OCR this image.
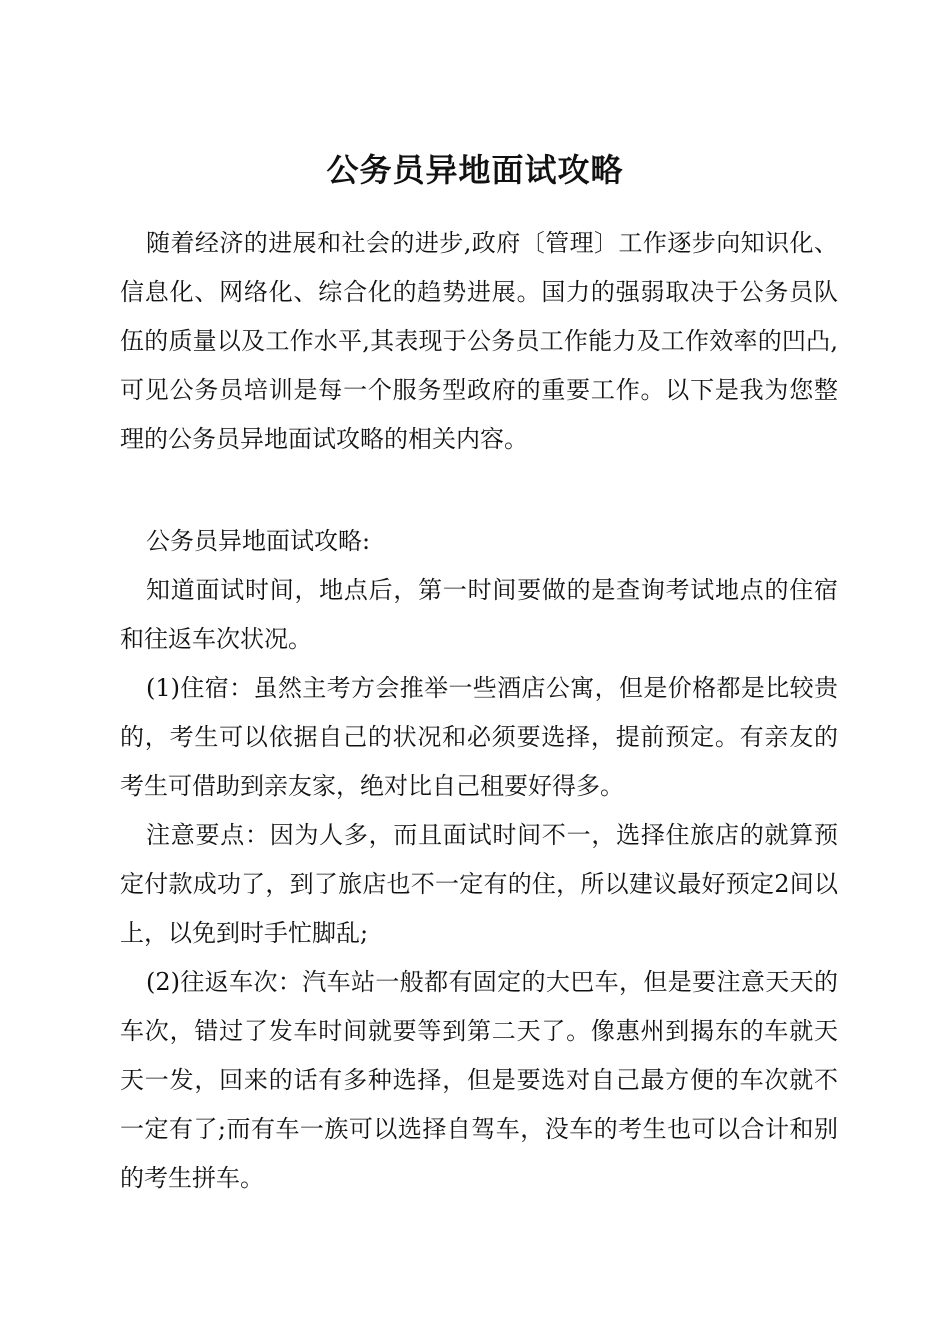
公务员异地面试攻略

随着经济的进展和社会的进步,政府〔管理〕工作逐步向知识化、信息化、网络化、综合化的趋势进展。国力的强弱取决于公务员队伍的质量以及工作水平,其表现于公务员工作能力及工作效率的凹凸,可见公务员培训是每一个服务型政府的重要工作。以下是我为您整理的公务员异地面试攻略的相关内容。

公务员异地面试攻略:

知道面试时间，地点后，第一时间要做的是查询考试地点的住宿和往返车次状况。

(1)住宿：虽然主考方会推举一些酒店公寓，但是价格都是比较贵的，考生可以依据自己的状况和必须要选择，提前预定。有亲友的考生可借助到亲友家，绝对比自己租要好得多。

注意要点：因为人多，而且面试时间不一，选择住旅店的就算预定付款成功了，到了旅店也不一定有的住，所以建议最好预定2间以上，以免到时手忙脚乱;

(2)往返车次：汽车站一般都有固定的大巴车，但是要注意天天的车次，错过了发车时间就要等到第二天了。像惠州到揭东的车就天天一发，回来的话有多种选择，但是要选对自己最方便的车次就不一定有了;而有车一族可以选择自驾车，没车的考生也可以合计和别的考生拼车。
